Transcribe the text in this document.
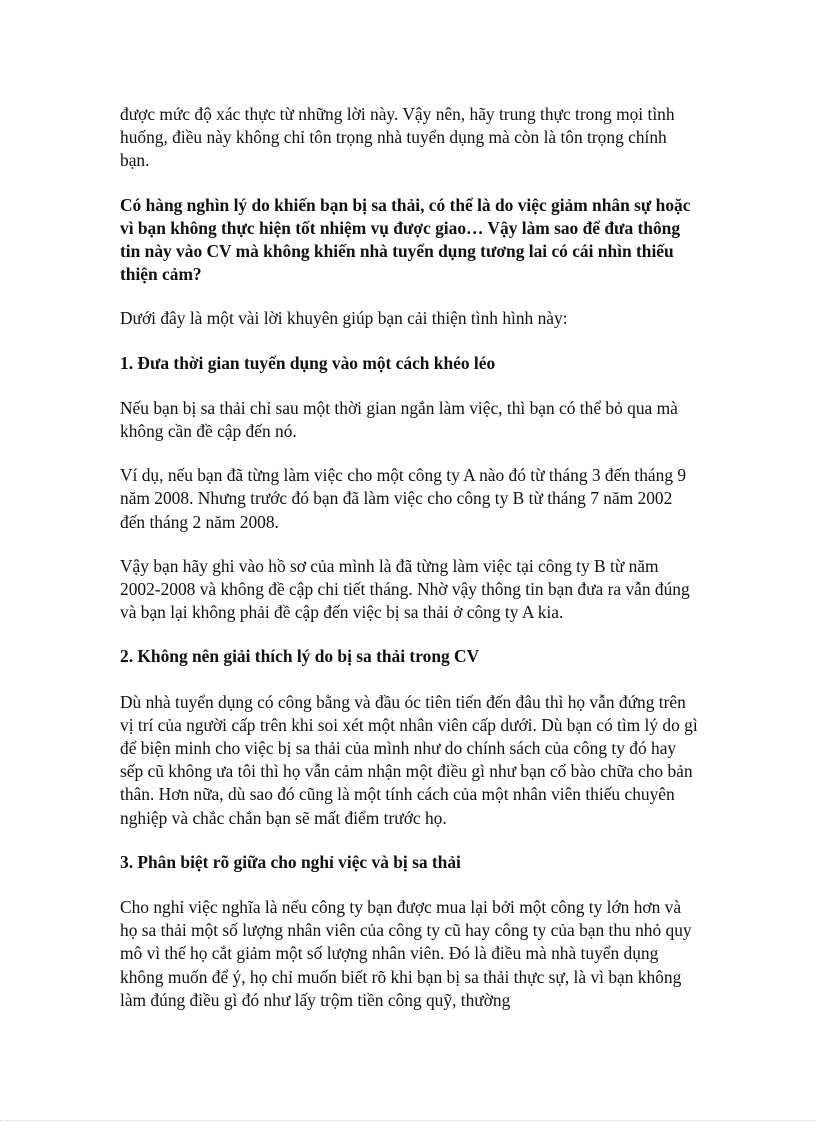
được mức độ xác thực từ những lời này. Vậy nên, hãy trung thực trong mọi tình huống, điều này không chỉ tôn trọng nhà tuyển dụng mà còn là tôn trọng chính bạn.

Có hàng nghìn lý do khiến bạn bị sa thải, có thể là do việc giảm nhân sự hoặc vì bạn không thực hiện tốt nhiệm vụ được giao… Vậy làm sao để đưa thông tin này vào CV mà không khiến nhà tuyển dụng tương lai có cái nhìn thiếu thiện cảm?

Dưới đây là một vài lời khuyên giúp bạn cải thiện tình hình này:

1. Đưa thời gian tuyển dụng vào một cách khéo léo

Nếu bạn bị sa thải chỉ sau một thời gian ngắn làm việc, thì bạn có thể bỏ qua mà không cần đề cập đến nó.

Ví dụ, nếu bạn đã từng làm việc cho một công ty A nào đó từ tháng 3 đến tháng 9 năm 2008. Nhưng trước đó bạn đã làm việc cho công ty B từ tháng 7 năm 2002 đến tháng 2 năm 2008.

Vậy bạn hãy ghi vào hồ sơ của mình là đã từng làm việc tại công ty B từ năm 2002-2008 và không đề cập chi tiết tháng. Nhờ vậy thông tin bạn đưa ra vẫn đúng và bạn lại không phải đề cập đến việc bị sa thải ở công ty A kia.

2. Không nên giải thích lý do bị sa thải trong CV

Dù nhà tuyển dụng có công bằng và đầu óc tiên tiến đến đâu thì họ vẫn đứng trên vị trí của người cấp trên khi soi xét một nhân viên cấp dưới. Dù bạn có tìm lý do gì để biện minh cho việc bị sa thải của mình như do chính sách của công ty đó hay sếp cũ không ưa tôi thì họ vẫn cảm nhận một điều gì như bạn cố bào chữa cho bản thân. Hơn nữa, dù sao đó cũng là một tính cách của một nhân viên thiếu chuyên nghiệp và chắc chắn bạn sẽ mất điểm trước họ.

3. Phân biệt rõ giữa cho nghỉ việc và bị sa thải

Cho nghỉ việc nghĩa là nếu công ty bạn được mua lại bởi một công ty lớn hơn và họ sa thải một số lượng nhân viên của công ty cũ hay công ty của bạn thu nhỏ quy mô vì thế họ cắt giảm một số lượng nhân viên. Đó là điều mà nhà tuyển dụng không muốn để ý, họ chỉ muốn biết rõ khi bạn bị sa thải thực sự, là vì bạn không làm đúng điều gì đó như lấy trộm tiền công quỹ, thường
